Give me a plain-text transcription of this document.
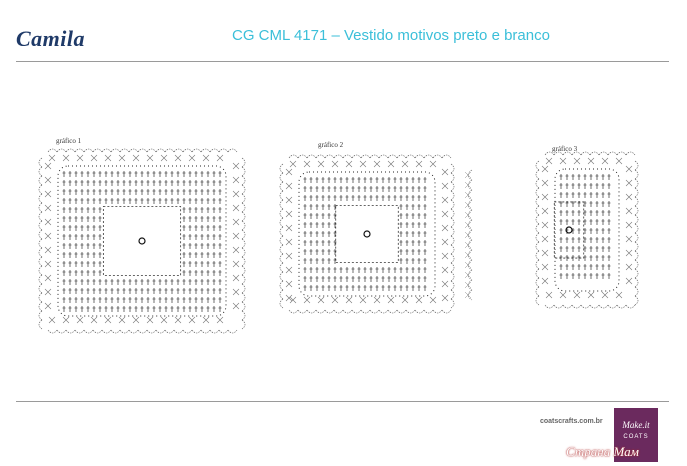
Camila	CG CML 4171 – Vestido motivos preto e branco
gráfico 1	gráfico 2	gráfico 3
coatscrafts.com.br	Make.it
COATS
Страна Мам
